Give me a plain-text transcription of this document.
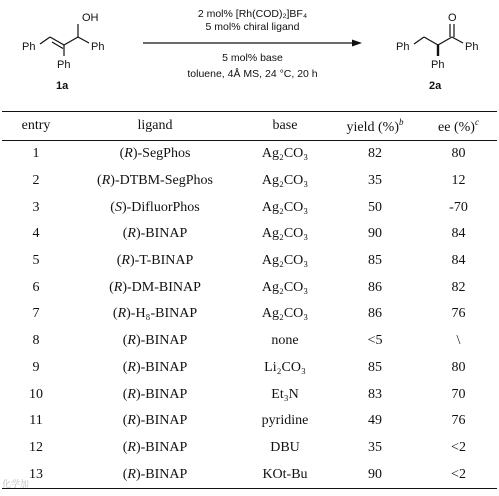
Ph
OH
Ph
Ph
Ph
O
Ph
Ph
2 mol% [Rh(COD)₂]BF₄
5 mol% chiral ligand
5 mol% base
toluene, 4Å MS, 24 °C, 20 h
1a	2a
entry	ligand	base	yield (%)$^b$	ee (%)$^c$
1	(R)-SegPhos	Ag₂CO₃	82	80
2	(R)-DTBM-SegPhos	Ag₂CO₃	35	12
3	(S)-DifluorPhos	Ag₂CO₃	50	-70
4	(R)-BINAP	Ag₂CO₃	90	84
5	(R)-T-BINAP	Ag₂CO₃	85	84
6	(R)-DM-BINAP	Ag₂CO₃	86	82
7	(R)-H₈-BINAP	Ag₂CO₃	86	76
8	(R)-BINAP	none	<5	\
9	(R)-BINAP	Li₂CO₃	85	80
10	(R)-BINAP	Et₃N	83	70
11	(R)-BINAP	pyridine	49	76
12	(R)-BINAP	DBU	35	<2
13	(R)-BINAP	KOt-Bu	90	<2
化学加
